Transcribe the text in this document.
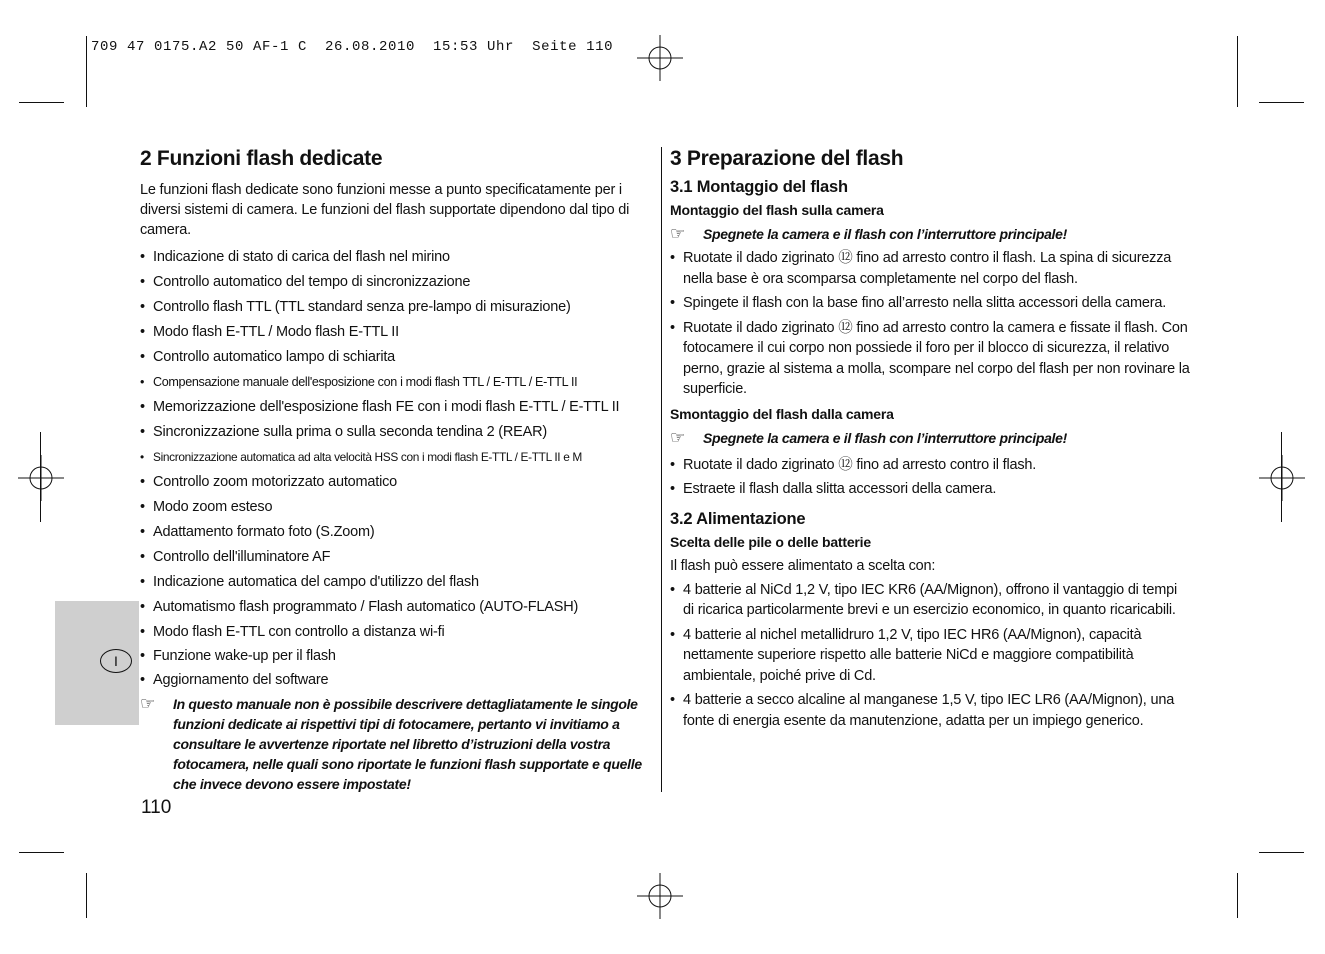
709 47 0175.A2 50 AF-1 C  26.08.2010  15:53 Uhr  Seite 110
I
2 Funzioni flash dedicate

Le funzioni flash dedicate sono funzioni messe a punto specificatamente per i diversi sistemi di camera. Le funzioni del flash supportate dipendono dal tipo di camera.

• Indicazione di stato di carica del flash nel mirino
• Controllo automatico del tempo di sincronizzazione
• Controllo flash TTL (TTL standard senza pre-lampo di misurazione)
• Modo flash E-TTL / Modo flash E-TTL II
• Controllo automatico lampo di schiarita
• Compensazione manuale dell'esposizione con i modi flash TTL / E-TTL / E-TTL II
• Memorizzazione dell'esposizione flash FE con i modi flash E-TTL / E-TTL II
• Sincronizzazione sulla prima o sulla seconda tendina 2 (REAR)
• Sincronizzazione automatica ad alta velocità HSS con i modi flash E-TTL / E-TTL II e M
• Controllo zoom motorizzato automatico
• Modo zoom esteso
• Adattamento formato foto (S.Zoom)
• Controllo dell'illuminatore AF
• Indicazione automatica del campo d'utilizzo del flash
• Automatismo flash programmato / Flash automatico (AUTO-FLASH)
• Modo flash E-TTL con controllo a distanza wi-fi
• Funzione wake-up per il flash
• Aggiornamento del software
☞ In questo manuale non è possibile descrivere dettagliatamente le singole funzioni dedicate ai rispettivi tipi di fotocamere, pertanto vi invitiamo a consultare le avvertenze riportate nel libretto d’istruzioni della vostra fotocamera, nelle quali sono riportate le funzioni flash supportate e quelle che invece devono essere impostate!
3 Preparazione del flash
3.1 Montaggio del flash
Montaggio del flash sulla camera
☞ Spegnete la camera e il flash con l’interruttore principale!
• Ruotate il dado zigrinato ⑫ fino ad arresto contro il flash. La spina di sicurezza nella base è ora scomparsa completamente nel corpo del flash.
• Spingete il flash con la base fino all’arresto nella slitta accessori della camera.
• Ruotate il dado zigrinato ⑫ fino ad arresto contro la camera e fissate il flash. Con fotocamere il cui corpo non possiede il foro per il blocco di sicurezza, il relativo perno, grazie al sistema a molla, scompare nel corpo del flash per non rovinare la superficie.
Smontaggio del flash dalla camera
☞ Spegnete la camera e il flash con l’interruttore principale!
• Ruotate il dado zigrinato ⑫ fino ad arresto contro il flash.
• Estraete il flash dalla slitta accessori della camera.
3.2 Alimentazione
Scelta delle pile o delle batterie

Il flash può essere alimentato a scelta con:

• 4 batterie al NiCd 1,2 V, tipo IEC KR6 (AA/Mignon), offrono il vantaggio di tempi di ricarica particolarmente brevi e un esercizio economico, in quanto ricaricabili.
• 4 batterie al nichel metallidruro 1,2 V, tipo IEC HR6 (AA/Mignon), capacità nettamente superiore rispetto alle batterie NiCd e maggiore compatibilità ambientale, poiché prive di Cd.
• 4 batterie a secco alcaline al manganese 1,5 V, tipo IEC LR6 (AA/Mignon), una fonte di energia esente da manutenzione, adatta per un impiego generico.
110
